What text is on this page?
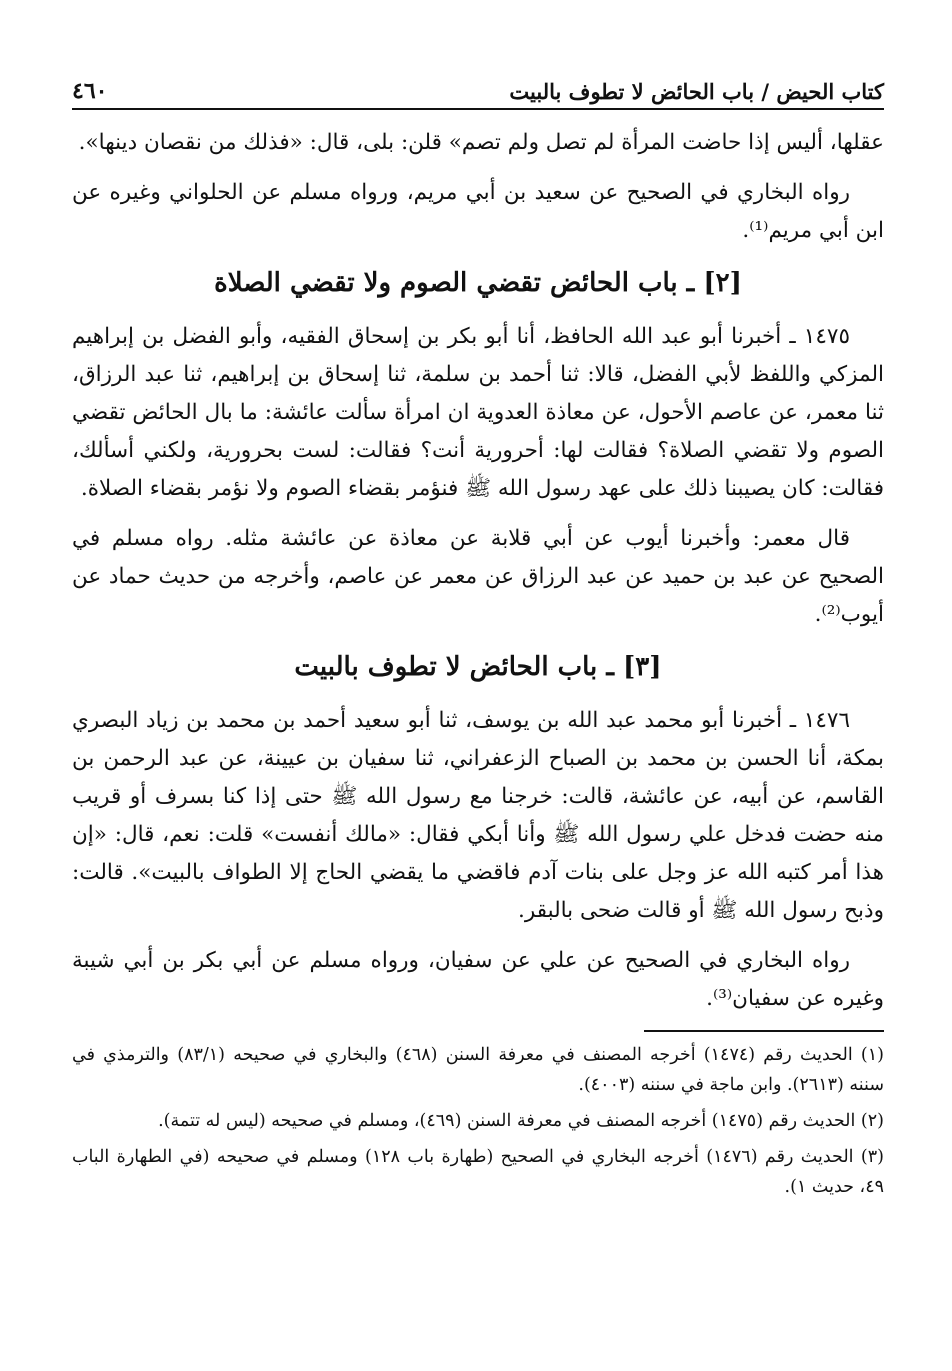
كتاب الحيض / باب الحائض لا تطوف بالبيت
٤٦٠

عقلها، أليس إذا حاضت المرأة لم تصل ولم تصم» قلن: بلى، قال: «فذلك من نقصان دينها».

رواه البخاري في الصحيح عن سعيد بن أبي مريم، ورواه مسلم عن الحلواني وغيره عن ابن أبي مريم⁽¹⁾.

[٢] ـ باب الحائض تقضي الصوم ولا تقضي الصلاة

١٤٧٥ ـ أخبرنا أبو عبد الله الحافظ، أنا أبو بكر بن إسحاق الفقيه، وأبو الفضل بن إبراهيم المزكي واللفظ لأبي الفضل، قالا: ثنا أحمد بن سلمة، ثنا إسحاق بن إبراهيم، ثنا عبد الرزاق، ثنا معمر، عن عاصم الأحول، عن معاذة العدوية ان امرأة سألت عائشة: ما بال الحائض تقضي الصوم ولا تقضي الصلاة؟ فقالت لها: أحرورية أنت؟ فقالت: لست بحرورية، ولكني أسألك، فقالت: كان يصيبنا ذلك على عهد رسول الله ﷺ فنؤمر بقضاء الصوم ولا نؤمر بقضاء الصلاة.

قال معمر: وأخبرنا أيوب عن أبي قلابة عن معاذة عن عائشة مثله. رواه مسلم في الصحيح عن عبد بن حميد عن عبد الرزاق عن معمر عن عاصم، وأخرجه من حديث حماد عن أيوب⁽²⁾.

[٣] ـ باب الحائض لا تطوف بالبيت

١٤٧٦ ـ أخبرنا أبو محمد عبد الله بن يوسف، ثنا أبو سعيد أحمد بن محمد بن زياد البصري بمكة، أنا الحسن بن محمد بن الصباح الزعفراني، ثنا سفيان بن عيينة، عن عبد الرحمن بن القاسم، عن أبيه، عن عائشة، قالت: خرجنا مع رسول الله ﷺ حتى إذا كنا بسرف أو قريب منه حضت فدخل علي رسول الله ﷺ وأنا أبكي فقال: «مالك أنفست» قلت: نعم، قال: «إن هذا أمر كتبه الله عز وجل على بنات آدم فاقضي ما يقضي الحاج إلا الطواف بالبيت». قالت: وذبح رسول الله ﷺ أو قالت ضحى بالبقر.

رواه البخاري في الصحيح عن علي عن سفيان، ورواه مسلم عن أبي بكر بن أبي شيبة وغيره عن سفيان⁽³⁾.

(١) الحديث رقم (١٤٧٤) أخرجه المصنف في معرفة السنن (٤٦٨) والبخاري في صحيحه (٨٣/١) والترمذي في سننه (٢٦١٣). وابن ماجة في سننه (٤٠٠٣).

(٢) الحديث رقم (١٤٧٥) أخرجه المصنف في معرفة السنن (٤٦٩)، ومسلم في صحيحه (ليس له تتمة).

(٣) الحديث رقم (١٤٧٦) أخرجه البخاري في الصحيح (طهارة باب ١٢٨) ومسلم في صحيحه (في الطهارة الباب ٤٩، حديث ١).
